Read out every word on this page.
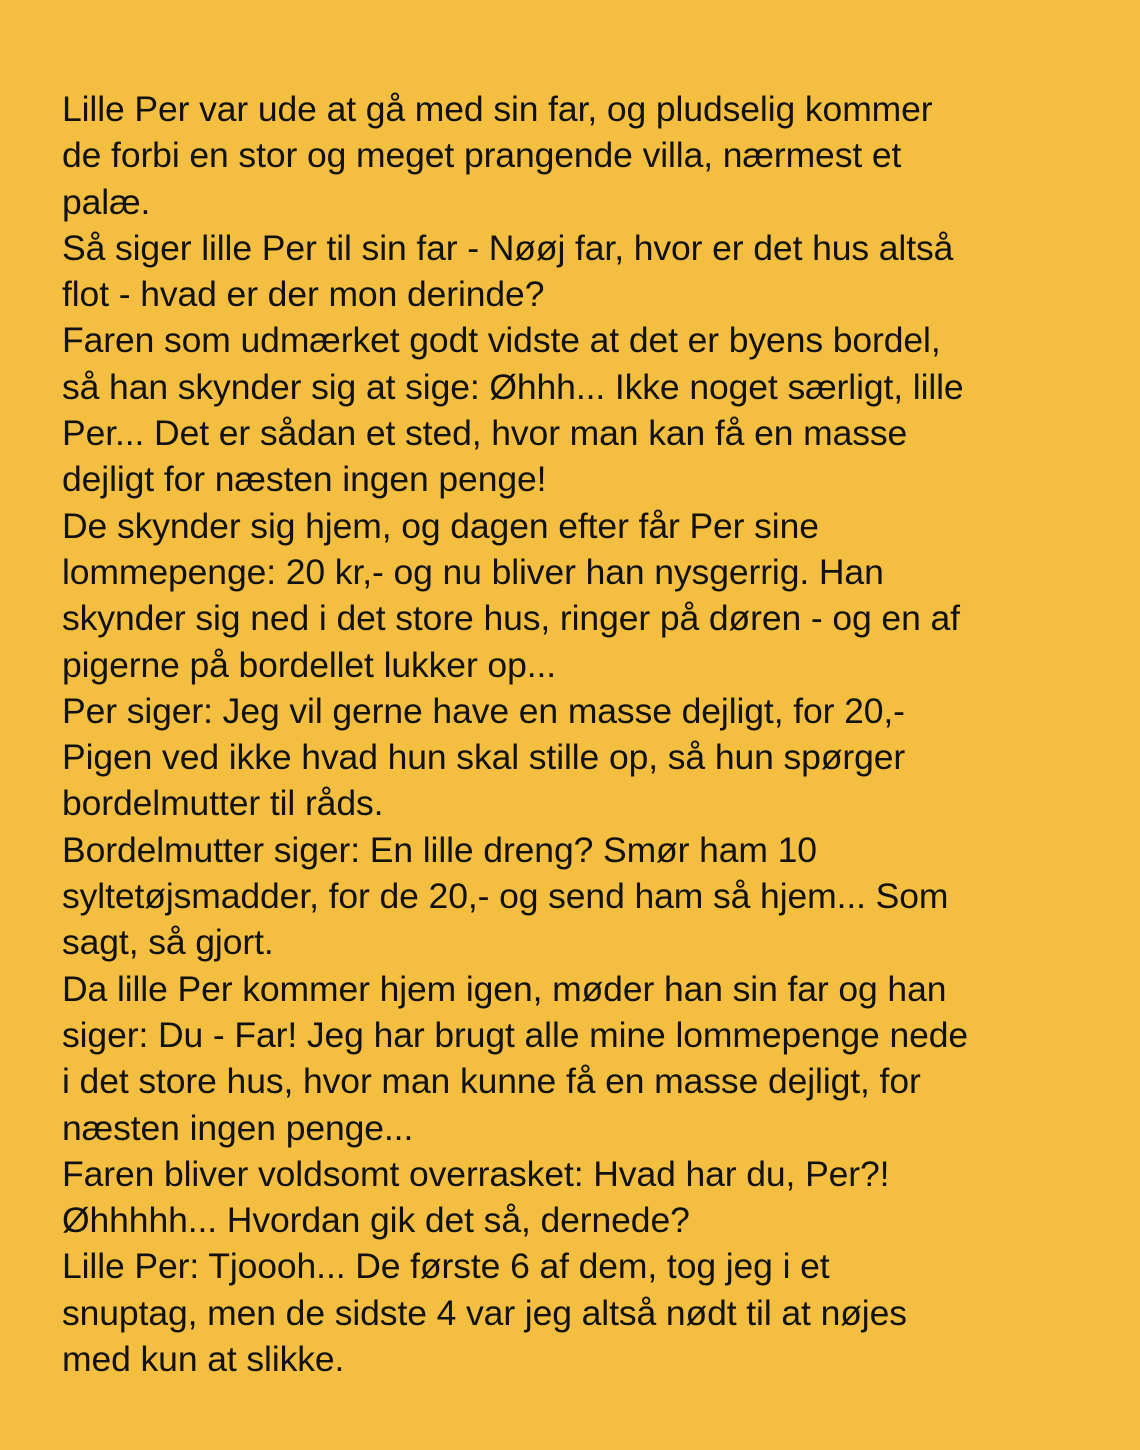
Lille Per var ude at gå med sin far, og pludselig kommer
de forbi en stor og meget prangende villa, nærmest et
palæ.
Så siger lille Per til sin far - Nøøj far, hvor er det hus altså
flot - hvad er der mon derinde?
Faren som udmærket godt vidste at det er byens bordel,
så han skynder sig at sige: Øhhh... Ikke noget særligt, lille
Per... Det er sådan et sted, hvor man kan få en masse
dejligt for næsten ingen penge!
De skynder sig hjem, og dagen efter får Per sine
lommepenge: 20 kr,- og nu bliver han nysgerrig. Han
skynder sig ned i det store hus, ringer på døren - og en af
pigerne på bordellet lukker op...
Per siger: Jeg vil gerne have en masse dejligt, for 20,-
Pigen ved ikke hvad hun skal stille op, så hun spørger
bordelmutter til råds.
Bordelmutter siger: En lille dreng? Smør ham 10
syltetøjsmadder, for de 20,- og send ham så hjem... Som
sagt, så gjort.
Da lille Per kommer hjem igen, møder han sin far og han
siger: Du - Far! Jeg har brugt alle mine lommepenge nede
i det store hus, hvor man kunne få en masse dejligt, for
næsten ingen penge...
Faren bliver voldsomt overrasket: Hvad har du, Per?!
Øhhhhh... Hvordan gik det så, dernede?
Lille Per: Tjoooh... De første 6 af dem, tog jeg i et
snuptag, men de sidste 4 var jeg altså nødt til at nøjes
med kun at slikke.
